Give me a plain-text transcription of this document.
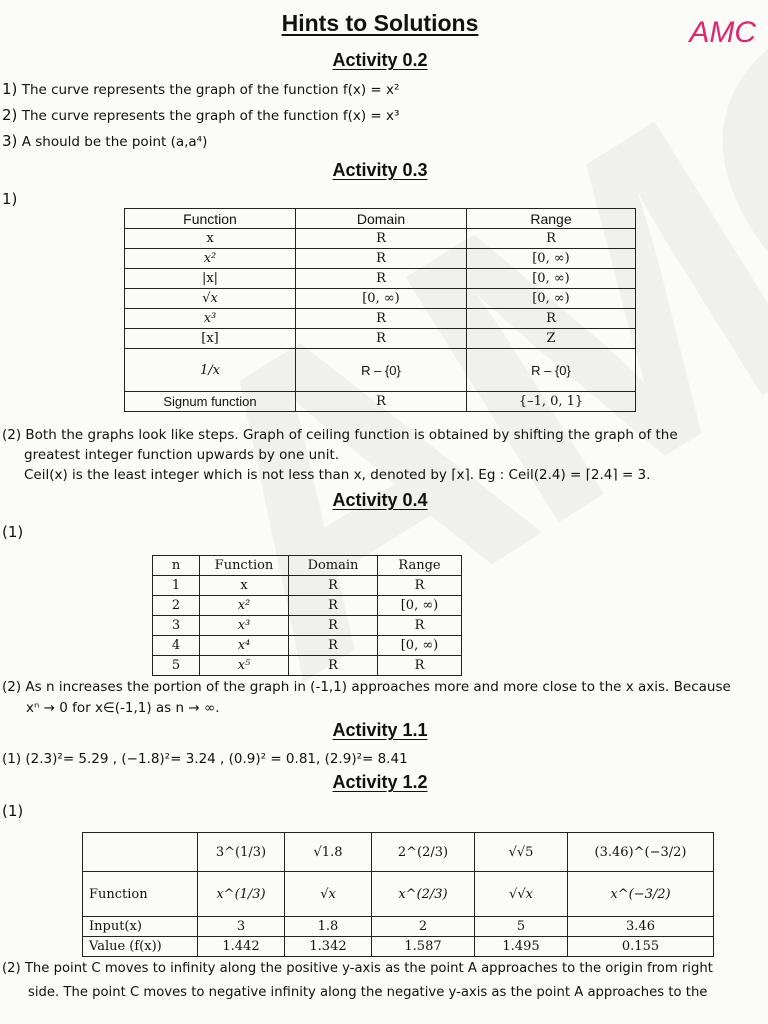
Hints to Solutions	AMC
Activity 0.2
1) The curve represents the graph of the function f(x) = x²
2) The curve represents the graph of the function f(x) = x³
3) A should be the point (a,a⁴)
Activity 0.3
1)
Function	Domain	Range
x	R	R
x²	R	[0, ∞)
|x|	R	[0, ∞)
√x	[0, ∞)	[0, ∞)
x³	R	R
[x]	R	Z
1/x	R – {0}	R – {0}
Signum function	R	{–1, 0, 1}
(2) Both the graphs look like steps. Graph of ceiling function is obtained by shifting the graph of the
greatest integer function upwards by one unit.
Ceil(x) is the least integer which is not less than x, denoted by ⌈x⌉. Eg : Ceil(2.4) = ⌈2.4⌉ = 3.
Activity 0.4
(1)
n	Function	Domain	Range
1	x	R	R
2	x²	R	[0, ∞)
3	x³	R	R
4	x⁴	R	[0, ∞)
5	x⁵	R	R
(2) As n increases the portion of the graph in (-1,1) approaches more and more close to the x axis. Because
xⁿ → 0 for x∈(-1,1) as n → ∞.
Activity 1.1
(1) (2.3)²= 5.29 , (−1.8)²= 3.24 , (0.9)² = 0.81, (2.9)²= 8.41
Activity 1.2
(1)
	3^(1/3)	√1.8	2^(2/3)	√√5	(3.46)^(−3/2)
Function	x^(1/3)	√x	x^(2/3)	√√x	x^(−3/2)
Input(x)	3	1.8	2	5	3.46
Value (f(x))	1.442	1.342	1.587	1.495	0.155
(2) The point C moves to infinity along the positive y-axis as the point A approaches to the origin from right
side. The point C moves to negative infinity along the negative y-axis as the point A approaches to the
